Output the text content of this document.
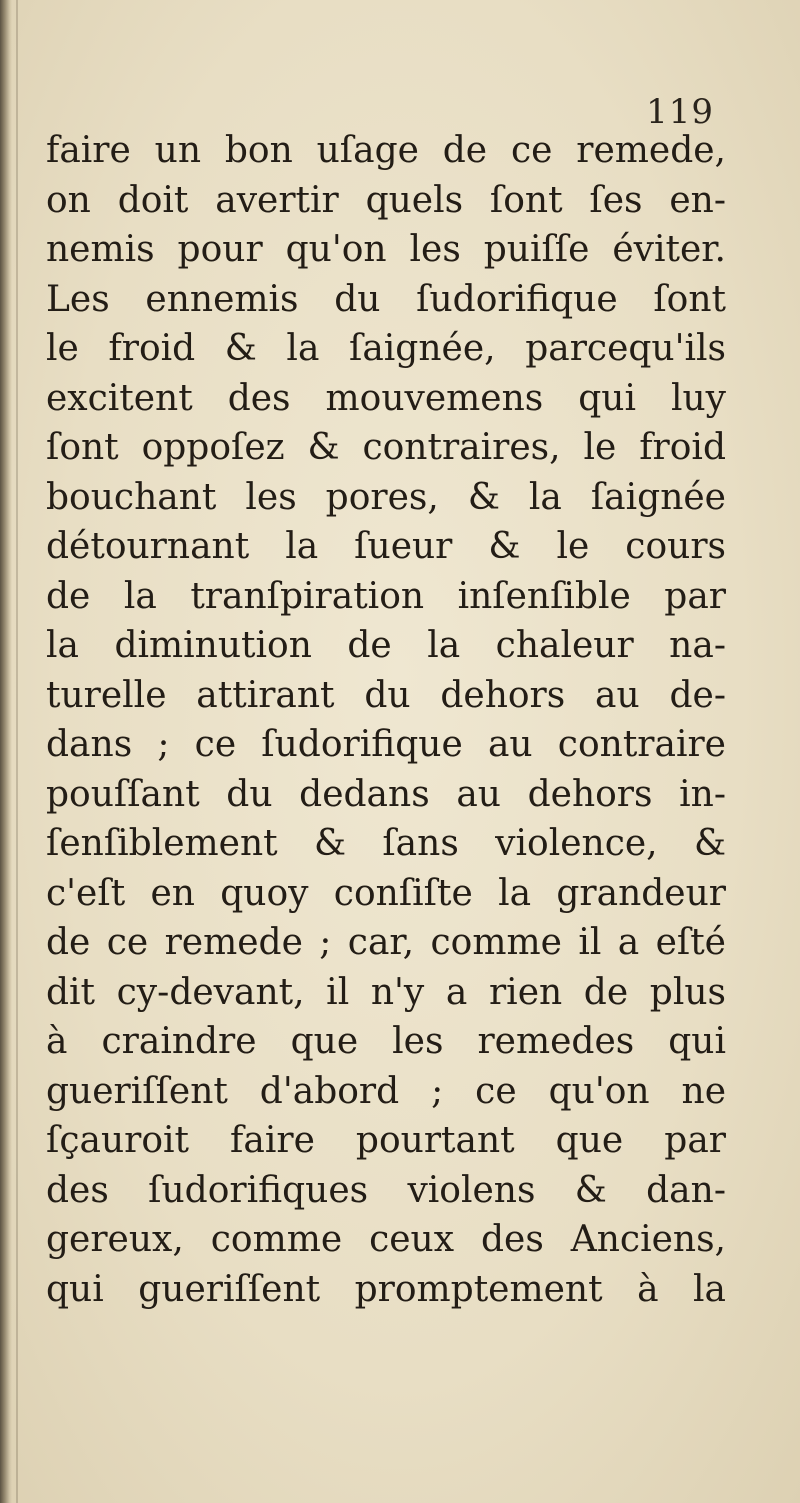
119
faire un bon uſage de ce remede,
on doit avertir quels ſont ſes en-
nemis pour qu'on les puiſſe éviter.
Les ennemis du ſudorifique ſont
le froid & la ſaignée, parcequ'ils
excitent des mouvemens qui luy
ſont oppoſez & contraires, le froid
bouchant les pores, & la ſaignée
détournant la ſueur & le cours
de la tranſpiration inſenſible par
la diminution de la chaleur na-
turelle attirant du dehors au de-
dans ; ce ſudorifique au contraire
pouſſant du dedans au dehors in-
ſenſiblement & ſans violence, &
c'eſt en quoy conſiſte la grandeur
de ce remede ; car, comme il a eſté
dit cy-devant, il n'y a rien de plus
à craindre que les remedes qui
gueriſſent d'abord ; ce qu'on ne
ſçauroit faire pourtant que par
des ſudorifiques violens & dan-
gereux, comme ceux des Anciens,
qui gueriſſent promptement à la
